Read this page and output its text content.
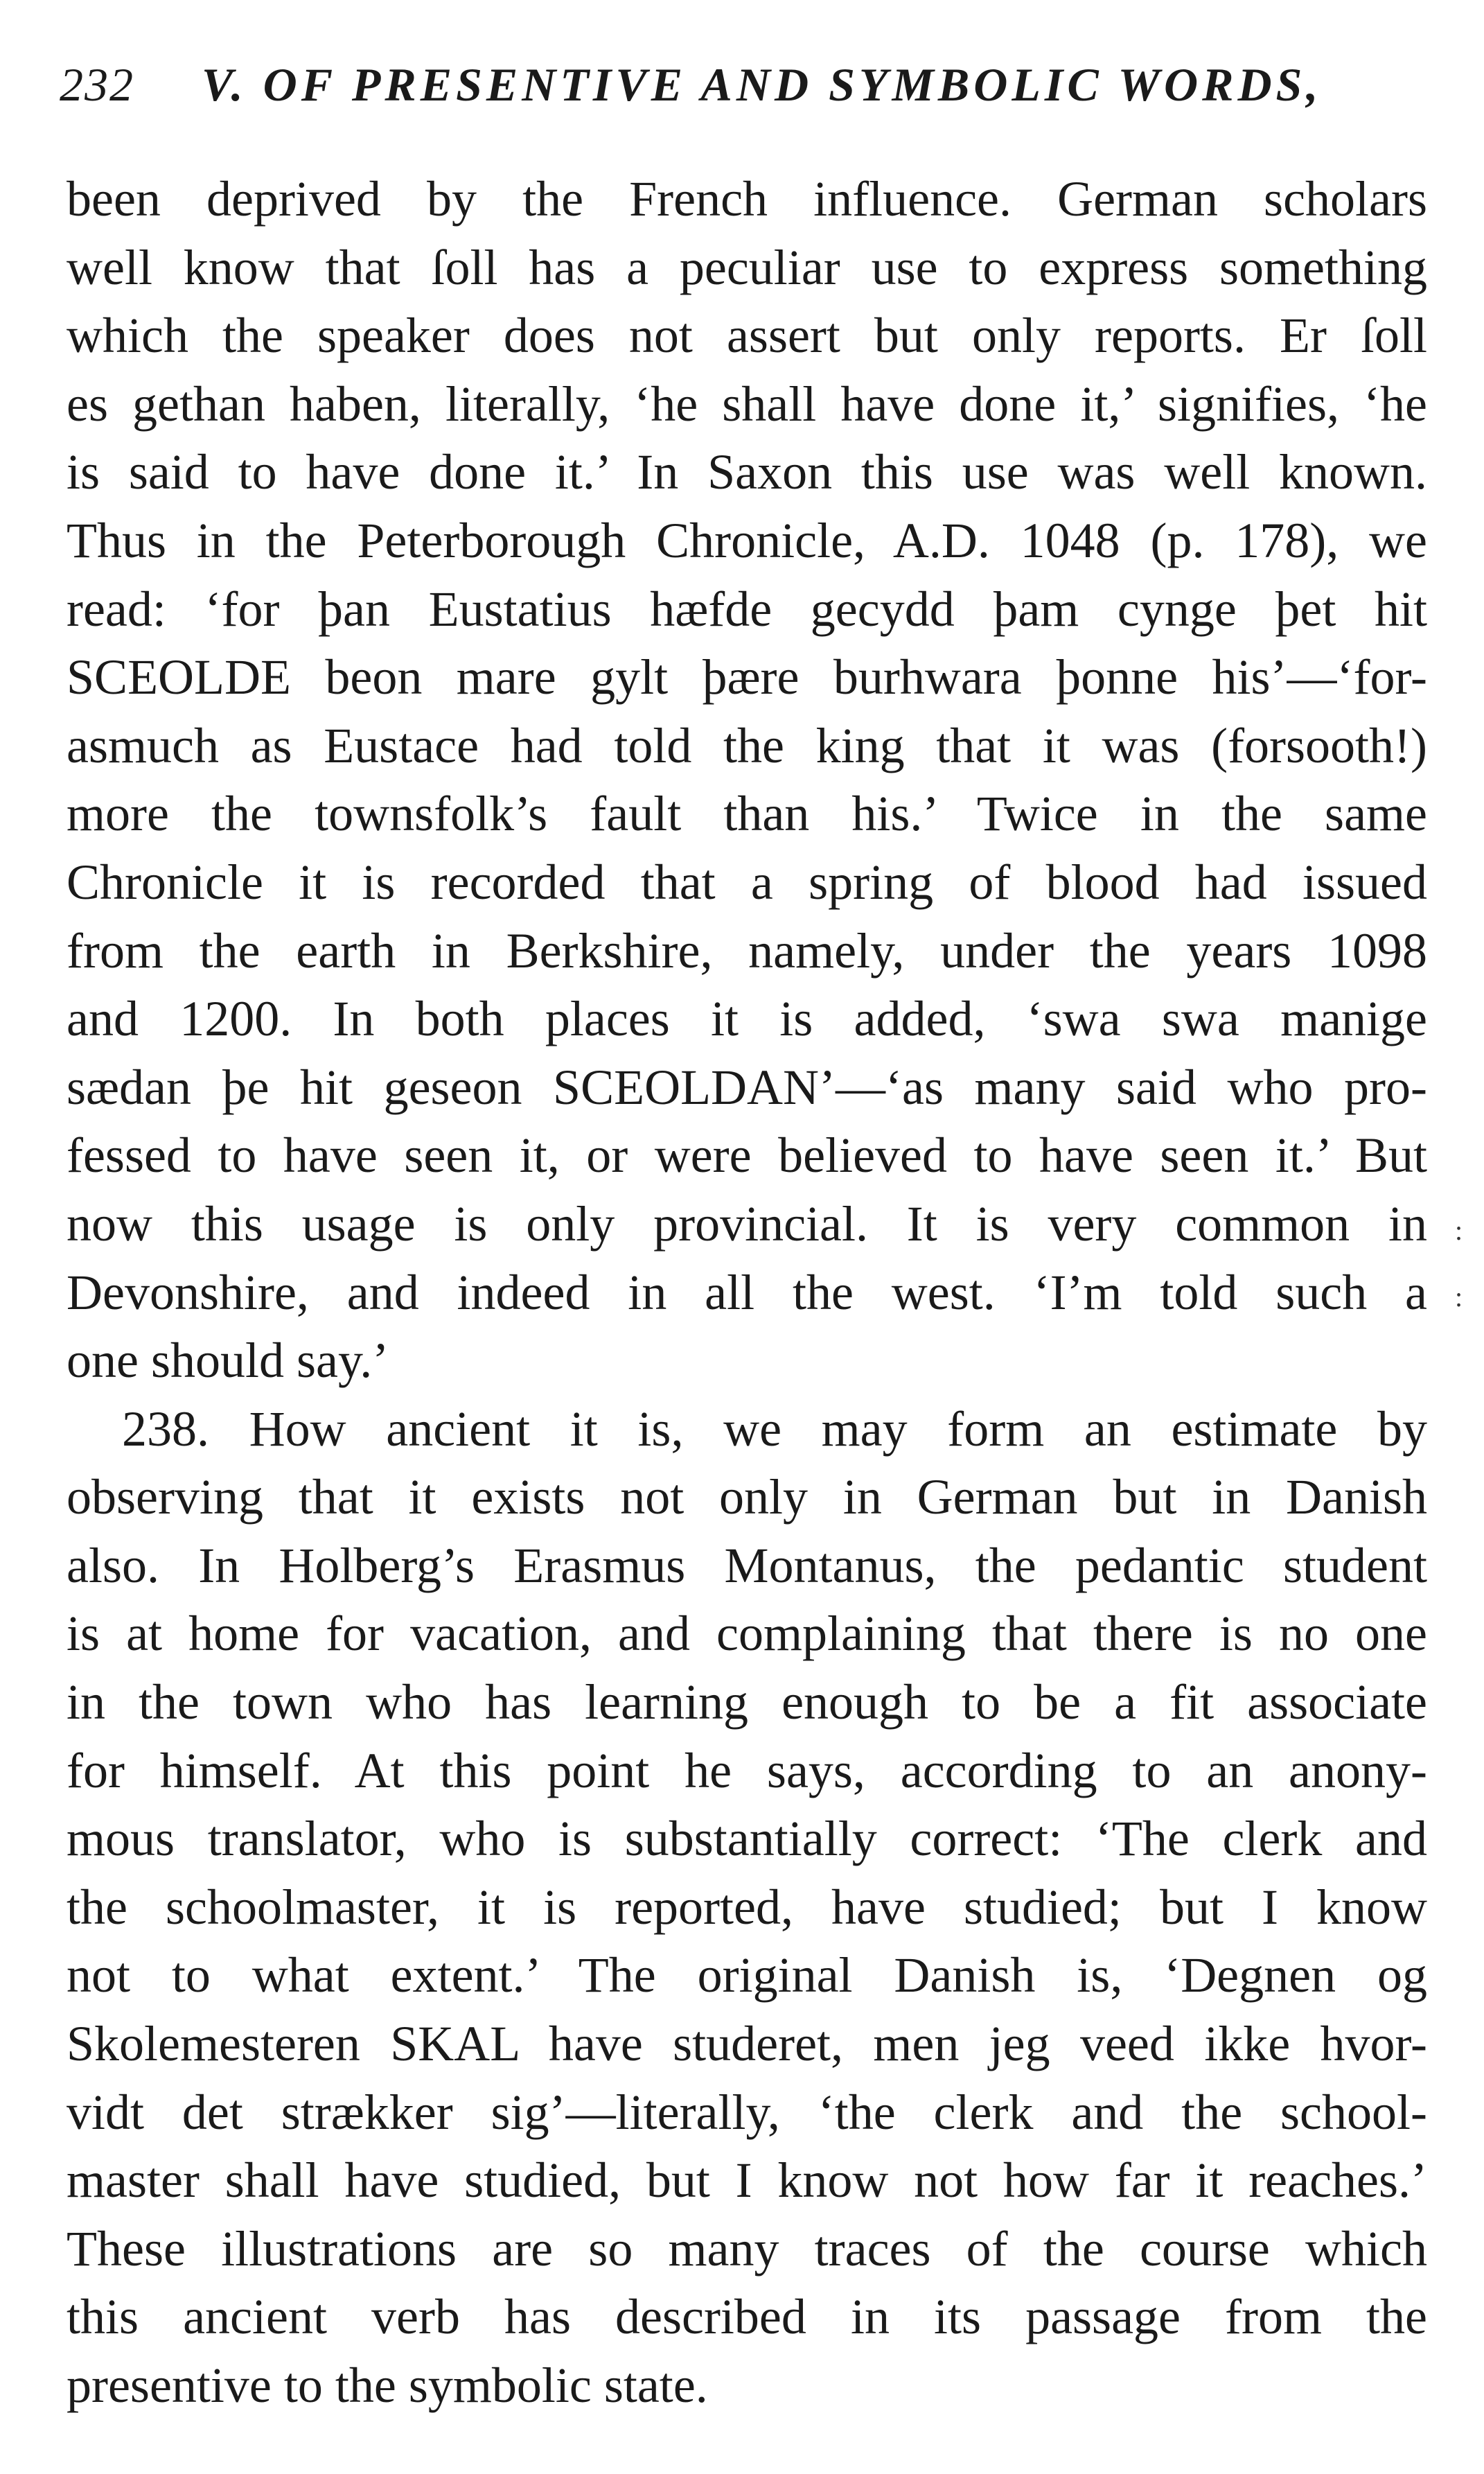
232 V. OF PRESENTIVE AND SYMBOLIC WORDS,
been deprived by the French influence. German scholars
well know that ſoll has a peculiar use to express something
which the speaker does not assert but only reports. Er ſoll
es gethan haben, literally, ‘he shall have done it,’ signifies, ‘he
is said to have done it.’ In Saxon this use was well known.
Thus in the Peterborough Chronicle, A.D. 1048 (p. 178), we
read: ‘for þan Eustatius hæfde gecydd þam cynge þet hit
SCEOLDE beon mare gylt þære burhwara þonne his’—‘for-
asmuch as Eustace had told the king that it was (forsooth!)
more the townsfolk’s fault than his.’ Twice in the same
Chronicle it is recorded that a spring of blood had issued
from the earth in Berkshire, namely, under the years 1098
and 1200. In both places it is added, ‘swa swa manige
sædan þe hit geseon SCEOLDAN’—‘as many said who pro-
fessed to have seen it, or were believed to have seen it.’ But
now this usage is only provincial. It is very common in
Devonshire, and indeed in all the west. ‘I’m told such a
one should say.’
238. How ancient it is, we may form an estimate by
observing that it exists not only in German but in Danish
also. In Holberg’s Erasmus Montanus, the pedantic student
is at home for vacation, and complaining that there is no one
in the town who has learning enough to be a fit associate
for himself. At this point he says, according to an anony-
mous translator, who is substantially correct: ‘The clerk and
the schoolmaster, it is reported, have studied; but I know
not to what extent.’ The original Danish is, ‘Degnen og
Skolemesteren SKAL have studeret, men jeg veed ikke hvor-
vidt det strækker sig’—literally, ‘the clerk and the school-
master shall have studied, but I know not how far it reaches.’
These illustrations are so many traces of the course which
this ancient verb has described in its passage from the
presentive to the symbolic state.
:
:
